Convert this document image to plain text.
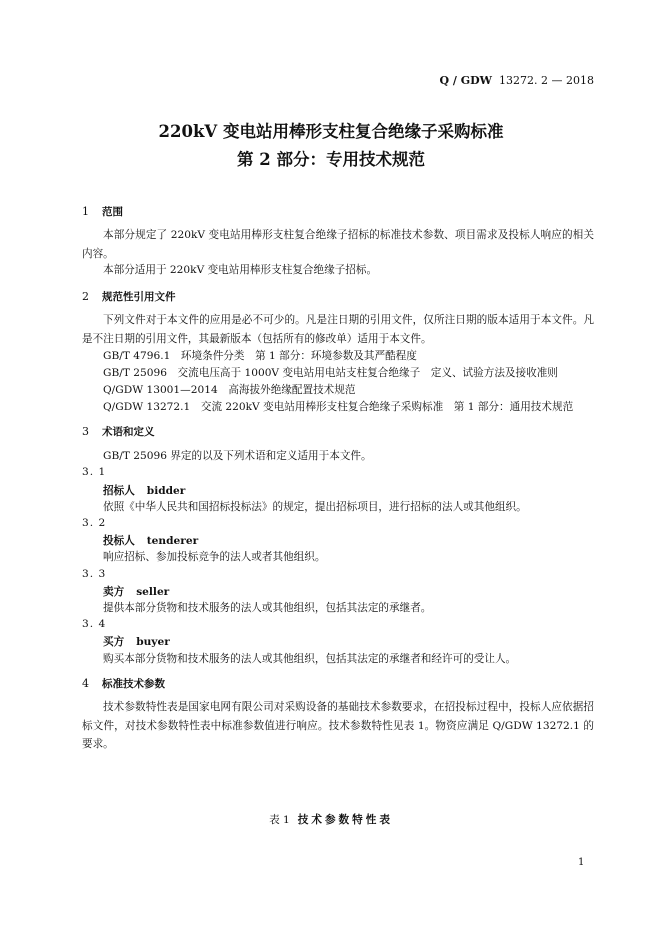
Q / GDW 13272. 2 — 2018
220kV 变电站用棒形支柱复合绝缘子采购标准
第 2 部分：专用技术规范
1 范围
本部分规定了 220kV 变电站用棒形支柱复合绝缘子招标的标准技术参数、项目需求及投标人响应的相关内容。
本部分适用于 220kV 变电站用棒形支柱复合绝缘子招标。
2 规范性引用文件
下列文件对于本文件的应用是必不可少的。凡是注日期的引用文件，仅所注日期的版本适用于本文件。凡是不注日期的引用文件，其最新版本（包括所有的修改单）适用于本文件。
GB/T 4796.1　环境条件分类　第 1 部分：环境参数及其严酷程度
GB/T 25096　交流电压高于 1000V 变电站用电站支柱复合绝缘子　定义、试验方法及接收准则
Q/GDW 13001—2014　高海拔外绝缘配置技术规范
Q/GDW 13272.1　交流 220kV 变电站用棒形支柱复合绝缘子采购标准　第 1 部分：通用技术规范
3 术语和定义
GB/T 25096 界定的以及下列术语和定义适用于本文件。
3. 1
招标人 bidder
依照《中华人民共和国招标投标法》的规定，提出招标项目，进行招标的法人或其他组织。
3. 2
投标人 tenderer
响应招标、参加投标竞争的法人或者其他组织。
3. 3
卖方 seller
提供本部分货物和技术服务的法人或其他组织，包括其法定的承继者。
3. 4
买方 buyer
购买本部分货物和技术服务的法人或其他组织，包括其法定的承继者和经许可的受让人。
4 标准技术参数
技术参数特性表是国家电网有限公司对采购设备的基础技术参数要求，在招投标过程中，投标人应依据招标文件，对技术参数特性表中标准参数值进行响应。技术参数特性见表 1。物资应满足 Q/GDW 13272.1 的要求。
表 1 技术参数特性表
1
